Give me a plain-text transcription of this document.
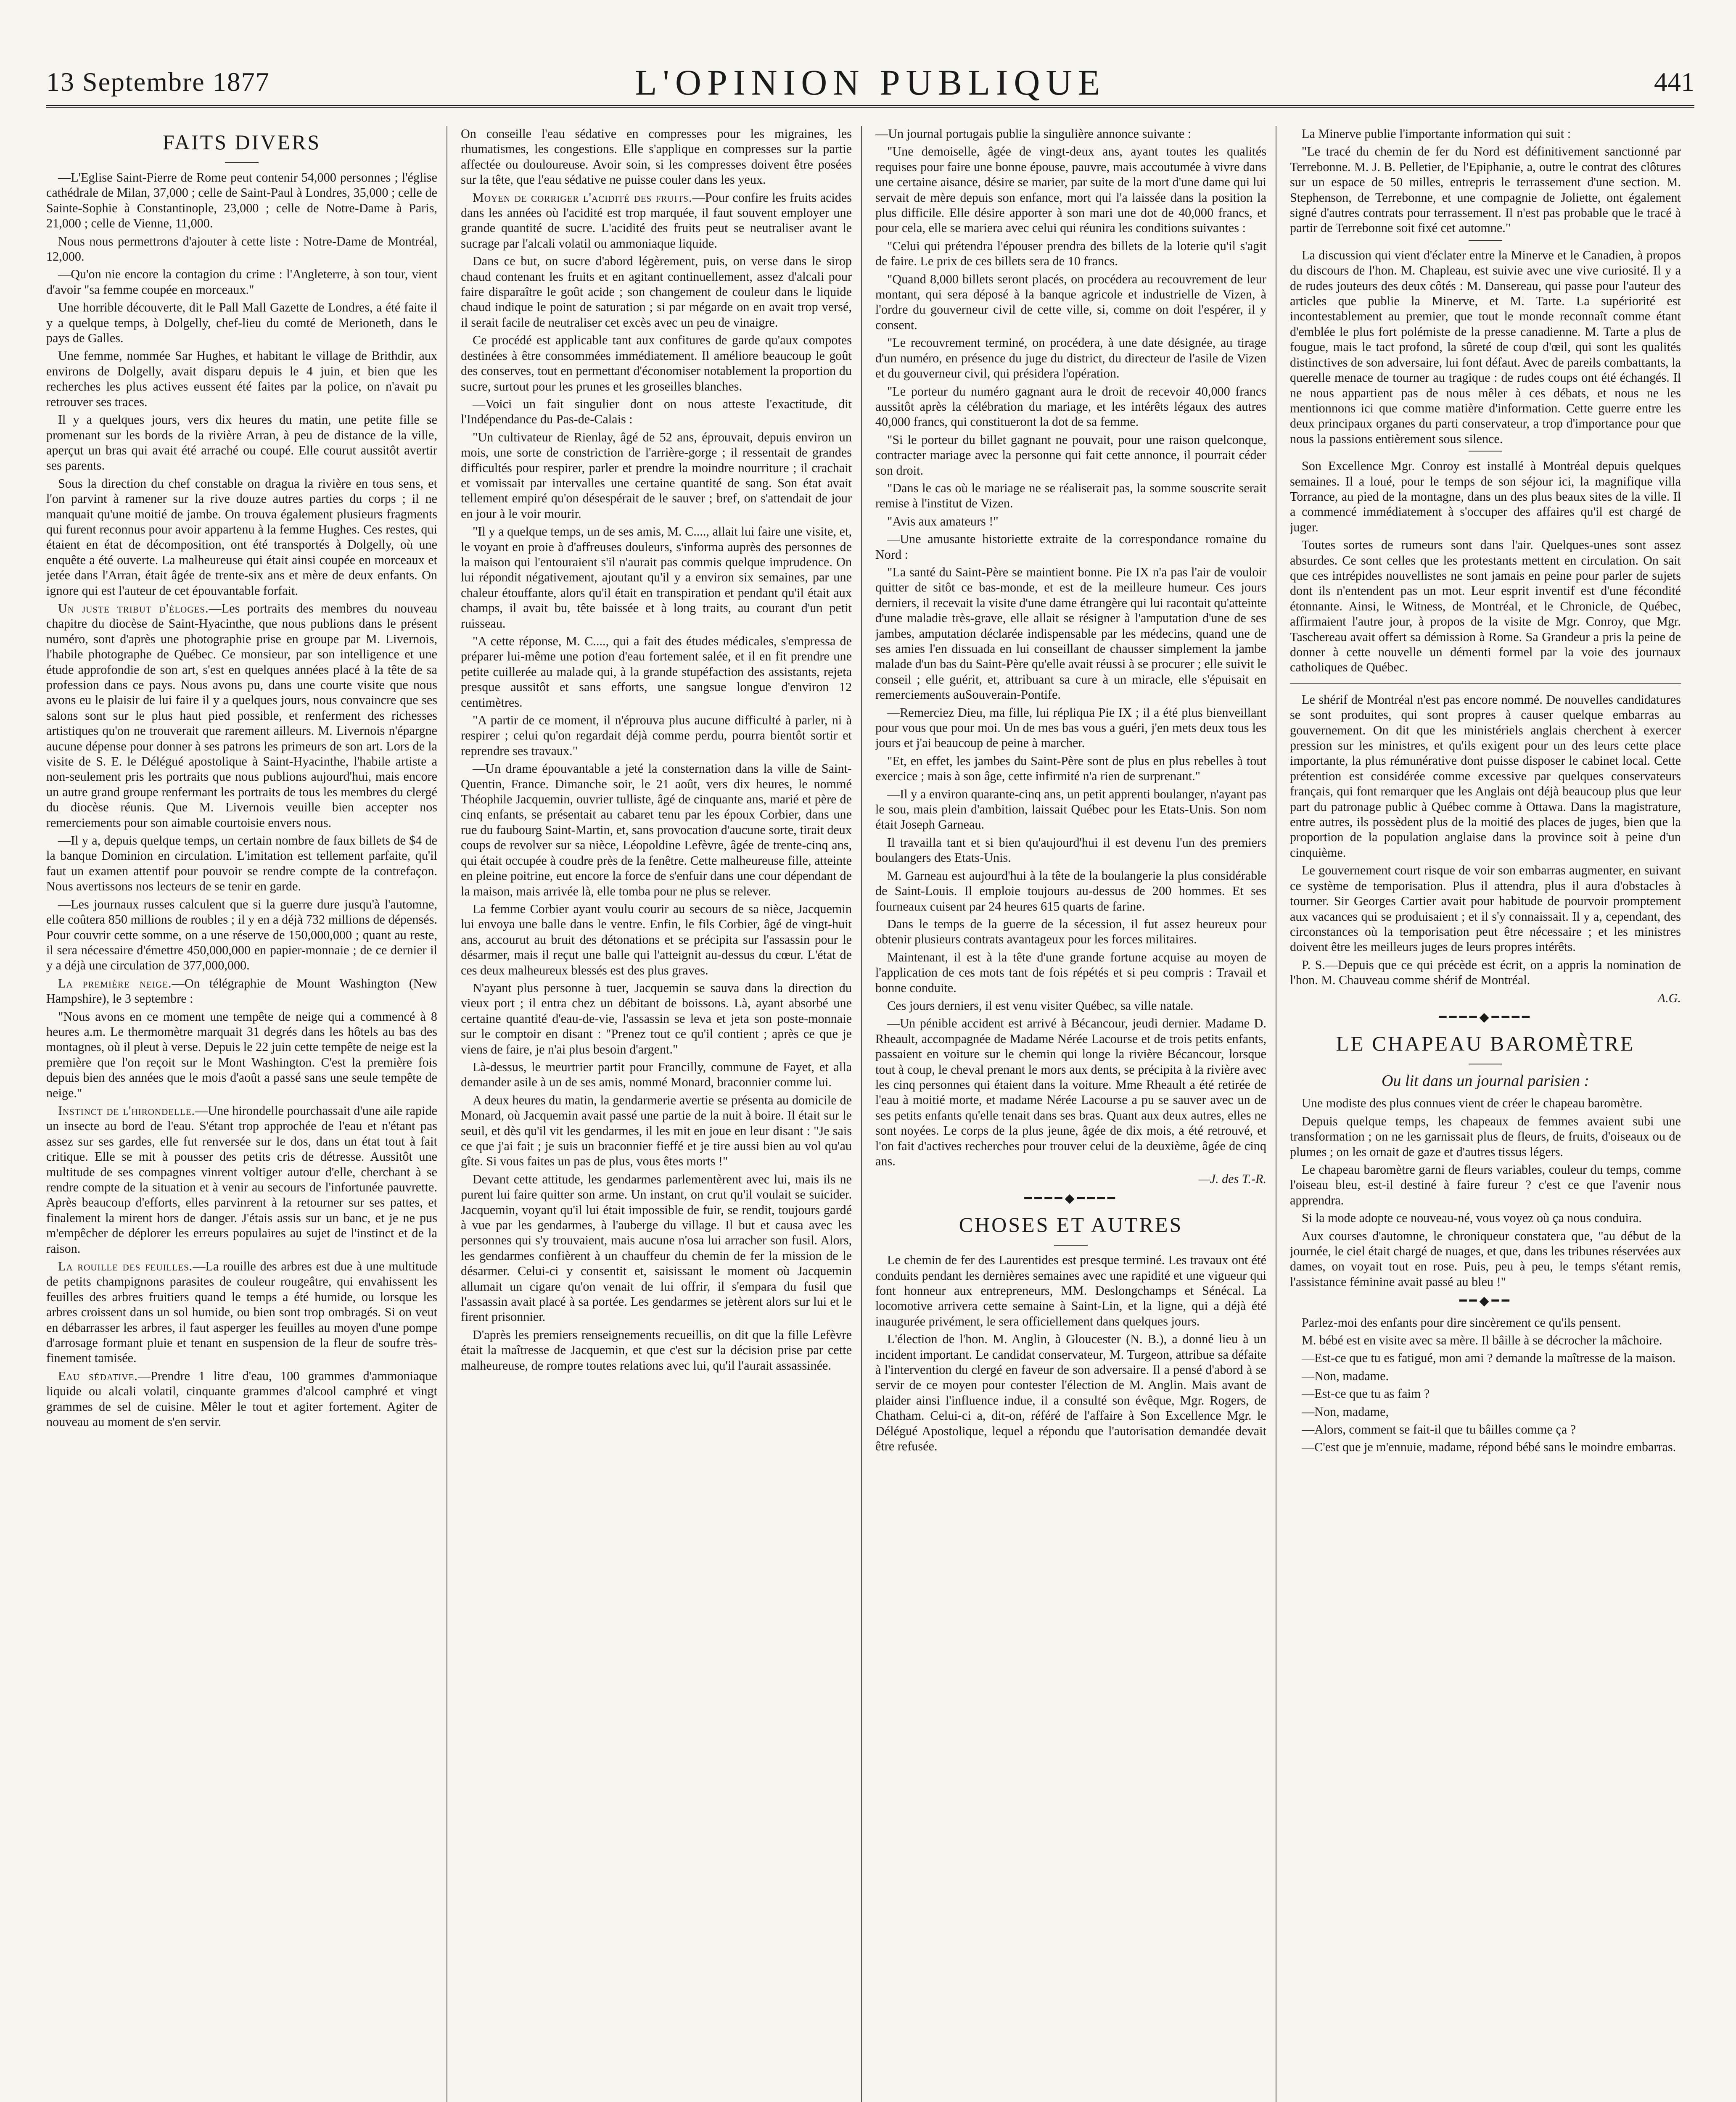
13 Septembre 1877	L'OPINION PUBLIQUE	441
FAITS DIVERS

—L'Eglise Saint-Pierre de Rome peut contenir 54,000 personnes ; l'église cathédrale de Milan, 37,000 ; celle de Saint-Paul à Londres, 35,000 ; celle de Sainte-Sophie à Constantinople, 23,000 ; celle de Notre-Dame à Paris, 21,000 ; celle de Vienne, 11,000.

Nous nous permettrons d'ajouter à cette liste : Notre-Dame de Montréal, 12,000.

—Qu'on nie encore la contagion du crime : l'Angleterre, à son tour, vient d'avoir "sa femme coupée en morceaux."

Une horrible découverte, dit le Pall Mall Gazette de Londres, a été faite il y a quelque temps, à Dolgelly, chef-lieu du comté de Merioneth, dans le pays de Galles.

Une femme, nommée Sar Hughes, et habitant le village de Brithdir, aux environs de Dolgelly, avait disparu depuis le 4 juin, et bien que les recherches les plus actives eussent été faites par la police, on n'avait pu retrouver ses traces.

Il y a quelques jours, vers dix heures du matin, une petite fille se promenant sur les bords de la rivière Arran, à peu de distance de la ville, aperçut un bras qui avait été arraché ou coupé. Elle courut aussitôt avertir ses parents.

Sous la direction du chef constable on dragua la rivière en tous sens, et l'on parvint à ramener sur la rive douze autres parties du corps ; il ne manquait qu'une moitié de jambe. On trouva également plusieurs fragments qui furent reconnus pour avoir appartenu à la femme Hughes. Ces restes, qui étaient en état de décomposition, ont été transportés à Dolgelly, où une enquête a été ouverte. La malheureuse qui était ainsi coupée en morceaux et jetée dans l'Arran, était âgée de trente-six ans et mère de deux enfants. On ignore qui est l'auteur de cet épouvantable forfait.

Un juste tribut d'éloges.—Les portraits des membres du nouveau chapitre du diocèse de Saint-Hyacinthe, que nous publions dans le présent numéro, sont d'après une photographie prise en groupe par M. Livernois, l'habile photographe de Québec. Ce monsieur, par son intelligence et une étude approfondie de son art, s'est en quelques années placé à la tête de sa profession dans ce pays. Nous avons pu, dans une courte visite que nous avons eu le plaisir de lui faire il y a quelques jours, nous convaincre que ses salons sont sur le plus haut pied possible, et renferment des richesses artistiques qu'on ne trouverait que rarement ailleurs. M. Livernois n'épargne aucune dépense pour donner à ses patrons les primeurs de son art. Lors de la visite de S. E. le Délégué apostolique à Saint-Hyacinthe, l'habile artiste a non-seulement pris les portraits que nous publions aujourd'hui, mais encore un autre grand groupe renfermant les portraits de tous les membres du clergé du diocèse réunis. Que M. Livernois veuille bien accepter nos remerciements pour son aimable courtoisie envers nous.

—Il y a, depuis quelque temps, un certain nombre de faux billets de $4 de la banque Dominion en circulation. L'imitation est tellement parfaite, qu'il faut un examen attentif pour pouvoir se rendre compte de la contrefaçon. Nous avertissons nos lecteurs de se tenir en garde.

—Les journaux russes calculent que si la guerre dure jusqu'à l'automne, elle coûtera 850 millions de roubles ; il y en a déjà 732 millions de dépensés. Pour couvrir cette somme, on a une réserve de 150,000,000 ; quant au reste, il sera nécessaire d'émettre 450,000,000 en papier-monnaie ; de ce dernier il y a déjà une circulation de 377,000,000.

La première neige.—On télégraphie de Mount Washington (New Hampshire), le 3 septembre :

"Nous avons en ce moment une tempête de neige qui a commencé à 8 heures a.m. Le thermomètre marquait 31 degrés dans les hôtels au bas des montagnes, où il pleut à verse. Depuis le 22 juin cette tempête de neige est la première que l'on reçoit sur le Mont Washington. C'est la première fois depuis bien des années que le mois d'août a passé sans une seule tempête de neige."

Instinct de l'hirondelle.—Une hirondelle pourchassait d'une aile rapide un insecte au bord de l'eau. S'étant trop approchée de l'eau et n'étant pas assez sur ses gardes, elle fut renversée sur le dos, dans un état tout à fait critique. Elle se mit à pousser des petits cris de détresse. Aussitôt une multitude de ses compagnes vinrent voltiger autour d'elle, cherchant à se rendre compte de la situation et à venir au secours de l'infortunée pauvrette. Après beaucoup d'efforts, elles parvinrent à la retourner sur ses pattes, et finalement la mirent hors de danger. J'étais assis sur un banc, et je ne pus m'empêcher de déplorer les erreurs populaires au sujet de l'instinct et de la raison.

La rouille des feuilles.—La rouille des arbres est due à une multitude de petits champignons parasites de couleur rougeâtre, qui envahissent les feuilles des arbres fruitiers quand le temps a été humide, ou lorsque les arbres croissent dans un sol humide, ou bien sont trop ombragés. Si on veut en débarrasser les arbres, il faut asperger les feuilles au moyen d'une pompe d'arrosage formant pluie et tenant en suspension de la fleur de soufre très-finement tamisée.

Eau sédative.—Prendre 1 litre d'eau, 100 grammes d'ammoniaque liquide ou alcali volatil, cinquante grammes d'alcool camphré et vingt grammes de sel de cuisine. Mêler le tout et agiter fortement. Agiter de nouveau au moment de s'en servir.

On conseille l'eau sédative en compresses pour les migraines, les rhumatismes, les congestions. Elle s'applique en compresses sur la partie affectée ou douloureuse. Avoir soin, si les compresses doivent être posées sur la tête, que l'eau sédative ne puisse couler dans les yeux.

Moyen de corriger l'acidité des fruits.—Pour confire les fruits acides dans les années où l'acidité est trop marquée, il faut souvent employer une grande quantité de sucre. L'acidité des fruits peut se neutraliser avant le sucrage par l'alcali volatil ou ammoniaque liquide.

Dans ce but, on sucre d'abord légèrement, puis, on verse dans le sirop chaud contenant les fruits et en agitant continuellement, assez d'alcali pour faire disparaître le goût acide ; son changement de couleur dans le liquide chaud indique le point de saturation ; si par mégarde on en avait trop versé, il serait facile de neutraliser cet excès avec un peu de vinaigre.

Ce procédé est applicable tant aux confitures de garde qu'aux compotes destinées à être consommées immédiatement. Il améliore beaucoup le goût des conserves, tout en permettant d'économiser notablement la proportion du sucre, surtout pour les prunes et les groseilles blanches.

—Voici un fait singulier dont on nous atteste l'exactitude, dit l'Indépendance du Pas-de-Calais :

"Un cultivateur de Rienlay, âgé de 52 ans, éprouvait, depuis environ un mois, une sorte de constriction de l'arrière-gorge ; il ressentait de grandes difficultés pour respirer, parler et prendre la moindre nourriture ; il crachait et vomissait par intervalles une certaine quantité de sang. Son état avait tellement empiré qu'on désespérait de le sauver ; bref, on s'attendait de jour en jour à le voir mourir.

"Il y a quelque temps, un de ses amis, M. C...., allait lui faire une visite, et, le voyant en proie à d'affreuses douleurs, s'informa auprès des personnes de la maison qui l'entouraient s'il n'aurait pas commis quelque imprudence. On lui répondit négativement, ajoutant qu'il y a environ six semaines, par une chaleur étouffante, alors qu'il était en transpiration et pendant qu'il était aux champs, il avait bu, tête baissée et à long traits, au courant d'un petit ruisseau.

"A cette réponse, M. C...., qui a fait des études médicales, s'empressa de préparer lui-même une potion d'eau fortement salée, et il en fit prendre une petite cuillerée au malade qui, à la grande stupéfaction des assistants, rejeta presque aussitôt et sans efforts, une sangsue longue d'environ 12 centimètres.

"A partir de ce moment, il n'éprouva plus aucune difficulté à parler, ni à respirer ; celui qu'on regardait déjà comme perdu, pourra bientôt sortir et reprendre ses travaux."

—Un drame épouvantable a jeté la consternation dans la ville de Saint-Quentin, France. Dimanche soir, le 21 août, vers dix heures, le nommé Théophile Jacquemin, ouvrier tulliste, âgé de cinquante ans, marié et père de cinq enfants, se présentait au cabaret tenu par les époux Corbier, dans une rue du faubourg Saint-Martin, et, sans provocation d'aucune sorte, tirait deux coups de revolver sur sa nièce, Léopoldine Lefèvre, âgée de trente-cinq ans, qui était occupée à coudre près de la fenêtre. Cette malheureuse fille, atteinte en pleine poitrine, eut encore la force de s'enfuir dans une cour dépendant de la maison, mais arrivée là, elle tomba pour ne plus se relever.

La femme Corbier ayant voulu courir au secours de sa nièce, Jacquemin lui envoya une balle dans le ventre. Enfin, le fils Corbier, âgé de vingt-huit ans, accourut au bruit des détonations et se précipita sur l'assassin pour le désarmer, mais il reçut une balle qui l'atteignit au-dessus du cœur. L'état de ces deux malheureux blessés est des plus graves.

N'ayant plus personne à tuer, Jacquemin se sauva dans la direction du vieux port ; il entra chez un débitant de boissons. Là, ayant absorbé une certaine quantité d'eau-de-vie, l'assassin se leva et jeta son poste-monnaie sur le comptoir en disant : "Prenez tout ce qu'il contient ; après ce que je viens de faire, je n'ai plus besoin d'argent."

Là-dessus, le meurtrier partit pour Francilly, commune de Fayet, et alla demander asile à un de ses amis, nommé Monard, braconnier comme lui.

A deux heures du matin, la gendarmerie avertie se présenta au domicile de Monard, où Jacquemin avait passé une partie de la nuit à boire. Il était sur le seuil, et dès qu'il vit les gendarmes, il les mit en joue en leur disant : "Je sais ce que j'ai fait ; je suis un braconnier fieffé et je tire aussi bien au vol qu'au gîte. Si vous faites un pas de plus, vous êtes morts !"

Devant cette attitude, les gendarmes parlementèrent avec lui, mais ils ne purent lui faire quitter son arme. Un instant, on crut qu'il voulait se suicider. Jacquemin, voyant qu'il lui était impossible de fuir, se rendit, toujours gardé à vue par les gendarmes, à l'auberge du village. Il but et causa avec les personnes qui s'y trouvaient, mais aucune n'osa lui arracher son fusil. Alors, les gendarmes confièrent à un chauffeur du chemin de fer la mission de le désarmer. Celui-ci y consentit et, saisissant le moment où Jacquemin allumait un cigare qu'on venait de lui offrir, il s'empara du fusil que l'assassin avait placé à sa portée. Les gendarmes se jetèrent alors sur lui et le firent prisonnier.

D'après les premiers renseignements recueillis, on dit que la fille Lefèvre était la maîtresse de Jacquemin, et que c'est sur la décision prise par cette malheureuse, de rompre toutes relations avec lui, qu'il l'aurait assassinée.

—Un journal portugais publie la singulière annonce suivante :

"Une demoiselle, âgée de vingt-deux ans, ayant toutes les qualités requises pour faire une bonne épouse, pauvre, mais accoutumée à vivre dans une certaine aisance, désire se marier, par suite de la mort d'une dame qui lui servait de mère depuis son enfance, mort qui l'a laissée dans la position la plus difficile. Elle désire apporter à son mari une dot de 40,000 francs, et pour cela, elle se mariera avec celui qui réunira les conditions suivantes :

"Celui qui prétendra l'épouser prendra des billets de la loterie qu'il s'agit de faire. Le prix de ces billets sera de 10 francs.

"Quand 8,000 billets seront placés, on procédera au recouvrement de leur montant, qui sera déposé à la banque agricole et industrielle de Vizen, à l'ordre du gouverneur civil de cette ville, si, comme on doit l'espérer, il y consent.

"Le recouvrement terminé, on procédera, à une date désignée, au tirage d'un numéro, en présence du juge du district, du directeur de l'asile de Vizen et du gouverneur civil, qui présidera l'opération.

"Le porteur du numéro gagnant aura le droit de recevoir 40,000 francs aussitôt après la célébration du mariage, et les intérêts légaux des autres 40,000 francs, qui constitueront la dot de sa femme.

"Si le porteur du billet gagnant ne pouvait, pour une raison quelconque, contracter mariage avec la personne qui fait cette annonce, il pourrait céder son droit.

"Dans le cas où le mariage ne se réaliserait pas, la somme souscrite serait remise à l'institut de Vizen.

"Avis aux amateurs !"

—Une amusante historiette extraite de la correspondance romaine du Nord :

"La santé du Saint-Père se maintient bonne. Pie IX n'a pas l'air de vouloir quitter de sitôt ce bas-monde, et est de la meilleure humeur. Ces jours derniers, il recevait la visite d'une dame étrangère qui lui racontait qu'atteinte d'une maladie très-grave, elle allait se résigner à l'amputation d'une de ses jambes, amputation déclarée indispensable par les médecins, quand une de ses amies l'en dissuada en lui conseillant de chausser simplement la jambe malade d'un bas du Saint-Père qu'elle avait réussi à se procurer ; elle suivit le conseil ; elle guérit, et, attribuant sa cure à un miracle, elle s'épuisait en remerciements auSouverain-Pontife.

—Remerciez Dieu, ma fille, lui répliqua Pie IX ; il a été plus bienveillant pour vous que pour moi. Un de mes bas vous a guéri, j'en mets deux tous les jours et j'ai beaucoup de peine à marcher.

"Et, en effet, les jambes du Saint-Père sont de plus en plus rebelles à tout exercice ; mais à son âge, cette infirmité n'a rien de surprenant."

—Il y a environ quarante-cinq ans, un petit apprenti boulanger, n'ayant pas le sou, mais plein d'ambition, laissait Québec pour les Etats-Unis. Son nom était Joseph Garneau.

Il travailla tant et si bien qu'aujourd'hui il est devenu l'un des premiers boulangers des Etats-Unis.

M. Garneau est aujourd'hui à la tête de la boulangerie la plus considérable de Saint-Louis. Il emploie toujours au-dessus de 200 hommes. Et ses fourneaux cuisent par 24 heures 615 quarts de farine.

Dans le temps de la guerre de la sécession, il fut assez heureux pour obtenir plusieurs contrats avantageux pour les forces militaires.

Maintenant, il est à la tête d'une grande fortune acquise au moyen de l'application de ces mots tant de fois répétés et si peu compris : Travail et bonne conduite.

Ces jours derniers, il est venu visiter Québec, sa ville natale.

—Un pénible accident est arrivé à Bécancour, jeudi dernier. Madame D. Rheault, accompagnée de Madame Nérée Lacourse et de trois petits enfants, passaient en voiture sur le chemin qui longe la rivière Bécancour, lorsque tout à coup, le cheval prenant le mors aux dents, se précipita à la rivière avec les cinq personnes qui étaient dans la voiture. Mme Rheault a été retirée de l'eau à moitié morte, et madame Nérée Lacourse a pu se sauver avec un de ses petits enfants qu'elle tenait dans ses bras. Quant aux deux autres, elles ne sont noyées. Le corps de la plus jeune, âgée de dix mois, a été retrouvé, et l'on fait d'actives recherches pour trouver celui de la deuxième, âgée de cinq ans.

—J. des T.-R.

━━━━◆━━━━
CHOSES ET AUTRES

Le chemin de fer des Laurentides est presque terminé. Les travaux ont été conduits pendant les dernières semaines avec une rapidité et une vigueur qui font honneur aux entrepreneurs, MM. Deslongchamps et Sénécal. La locomotive arrivera cette semaine à Saint-Lin, et la ligne, qui a déjà été inaugurée privément, le sera officiellement dans quelques jours.

L'élection de l'hon. M. Anglin, à Gloucester (N. B.), a donné lieu à un incident important. Le candidat conservateur, M. Turgeon, attribue sa défaite à l'intervention du clergé en faveur de son adversaire. Il a pensé d'abord à se servir de ce moyen pour contester l'élection de M. Anglin. Mais avant de plaider ainsi l'influence indue, il a consulté son évêque, Mgr. Rogers, de Chatham. Celui-ci a, dit-on, référé de l'affaire à Son Excellence Mgr. le Délégué Apostolique, lequel a répondu que l'autorisation demandée devait être refusée.

La Minerve publie l'importante information qui suit :

"Le tracé du chemin de fer du Nord est définitivement sanctionné par Terrebonne. M. J. B. Pelletier, de l'Epiphanie, a, outre le contrat des clôtures sur un espace de 50 milles, entrepris le terrassement d'une section. M. Stephenson, de Terrebonne, et une compagnie de Joliette, ont également signé d'autres contrats pour terrassement. Il n'est pas probable que le tracé à partir de Terrebonne soit fixé cet automne."

La discussion qui vient d'éclater entre la Minerve et le Canadien, à propos du discours de l'hon. M. Chapleau, est suivie avec une vive curiosité. Il y a de rudes jouteurs des deux côtés : M. Dansereau, qui passe pour l'auteur des articles que publie la Minerve, et M. Tarte. La supériorité est incontestablement au premier, que tout le monde reconnaît comme étant d'emblée le plus fort polémiste de la presse canadienne. M. Tarte a plus de fougue, mais le tact profond, la sûreté de coup d'œil, qui sont les qualités distinctives de son adversaire, lui font défaut. Avec de pareils combattants, la querelle menace de tourner au tragique : de rudes coups ont été échangés. Il ne nous appartient pas de nous mêler à ces débats, et nous ne les mentionnons ici que comme matière d'information. Cette guerre entre les deux principaux organes du parti conservateur, a trop d'importance pour que nous la passions entièrement sous silence.

Son Excellence Mgr. Conroy est installé à Montréal depuis quelques semaines. Il a loué, pour le temps de son séjour ici, la magnifique villa Torrance, au pied de la montagne, dans un des plus beaux sites de la ville. Il a commencé immédiatement à s'occuper des affaires qu'il est chargé de juger.

Toutes sortes de rumeurs sont dans l'air. Quelques-unes sont assez absurdes. Ce sont celles que les protestants mettent en circulation. On sait que ces intrépides nouvellistes ne sont jamais en peine pour parler de sujets dont ils n'entendent pas un mot. Leur esprit inventif est d'une fécondité étonnante. Ainsi, le Witness, de Montréal, et le Chronicle, de Québec, affirmaient l'autre jour, à propos de la visite de Mgr. Conroy, que Mgr. Taschereau avait offert sa démission à Rome. Sa Grandeur a pris la peine de donner à cette nouvelle un démenti formel par la voie des journaux catholiques de Québec.

Le shérif de Montréal n'est pas encore nommé. De nouvelles candidatures se sont produites, qui sont propres à causer quelque embarras au gouvernement. On dit que les ministériels anglais cherchent à exercer pression sur les ministres, et qu'ils exigent pour un des leurs cette place importante, la plus rémunérative dont puisse disposer le cabinet local. Cette prétention est considérée comme excessive par quelques conservateurs français, qui font remarquer que les Anglais ont déjà beaucoup plus que leur part du patronage public à Québec comme à Ottawa. Dans la magistrature, entre autres, ils possèdent plus de la moitié des places de juges, bien que la proportion de la population anglaise dans la province soit à peine d'un cinquième.

Le gouvernement court risque de voir son embarras augmenter, en suivant ce système de temporisation. Plus il attendra, plus il aura d'obstacles à tourner. Sir Georges Cartier avait pour habitude de pourvoir promptement aux vacances qui se produisaient ; et il s'y connaissait. Il y a, cependant, des circonstances où la temporisation peut être nécessaire ; et les ministres doivent être les meilleurs juges de leurs propres intérêts.

P. S.—Depuis que ce qui précède est écrit, on a appris la nomination de l'hon. M. Chauveau comme shérif de Montréal.

A.G.

━━━━◆━━━━
LE CHAPEAU BAROMÈTRE
Ou lit dans un journal parisien :

Une modiste des plus connues vient de créer le chapeau baromètre.

Depuis quelque temps, les chapeaux de femmes avaient subi une transformation ; on ne les garnissait plus de fleurs, de fruits, d'oiseaux ou de plumes ; on les ornait de gaze et d'autres tissus légers.

Le chapeau baromètre garni de fleurs variables, couleur du temps, comme l'oiseau bleu, est-il destiné à faire fureur ? c'est ce que l'avenir nous apprendra.

Si la mode adopte ce nouveau-né, vous voyez où ça nous conduira.

Aux courses d'automne, le chroniqueur constatera que, "au début de la journée, le ciel était chargé de nuages, et que, dans les tribunes réservées aux dames, on voyait tout en rose. Puis, peu à peu, le temps s'étant remis, l'assistance féminine avait passé au bleu !"

━━◆━━

Parlez-moi des enfants pour dire sincèrement ce qu'ils pensent.

M. bébé est en visite avec sa mère. Il bâille à se décrocher la mâchoire.

—Est-ce que tu es fatigué, mon ami ? demande la maîtresse de la maison.

—Non, madame.

—Est-ce que tu as faim ?

—Non, madame,

—Alors, comment se fait-il que tu bâilles comme ça ?

—C'est que je m'ennuie, madame, répond bébé sans le moindre embarras.
